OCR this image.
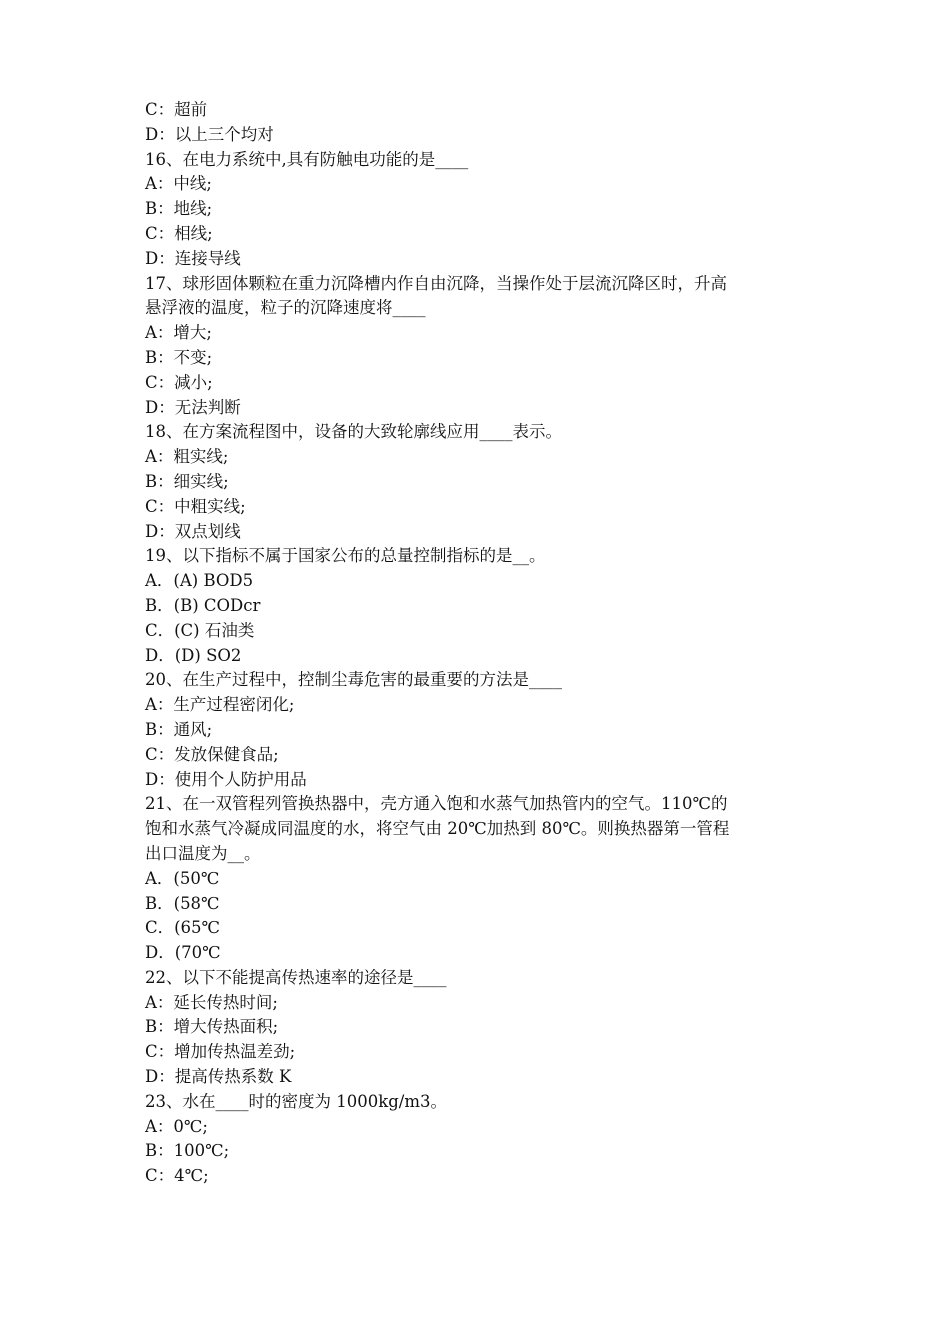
C：超前
D：以上三个均对
16、在电力系统中,具有防触电功能的是____
A：中线;
B：地线;
C：相线;
D：连接导线
17、球形固体颗粒在重力沉降槽内作自由沉降，当操作处于层流沉降区时，升高
悬浮液的温度，粒子的沉降速度将____
A：增大;
B：不变;
C：减小;
D：无法判断
18、在方案流程图中，设备的大致轮廓线应用____表示。
A：粗实线;
B：细实线;
C：中粗实线;
D：双点划线
19、以下指标不属于国家公布的总量控制指标的是__。
A．(A) BOD5
B．(B) CODcr
C．(C) 石油类
D．(D) SO2
20、在生产过程中，控制尘毒危害的最重要的方法是____
A：生产过程密闭化;
B：通风;
C：发放保健食品;
D：使用个人防护用品
21、在一双管程列管换热器中，壳方通入饱和水蒸气加热管内的空气。110℃的
饱和水蒸气冷凝成同温度的水，将空气由 20℃加热到 80℃。则换热器第一管程
出口温度为__。
A．(50℃
B．(58℃
C．(65℃
D．(70℃
22、以下不能提高传热速率的途径是____
A：延长传热时间;
B：增大传热面积;
C：增加传热温差劲;
D：提高传热系数 K
23、水在____时的密度为 1000kg/m3。
A：0℃;
B：100℃;
C：4℃;
